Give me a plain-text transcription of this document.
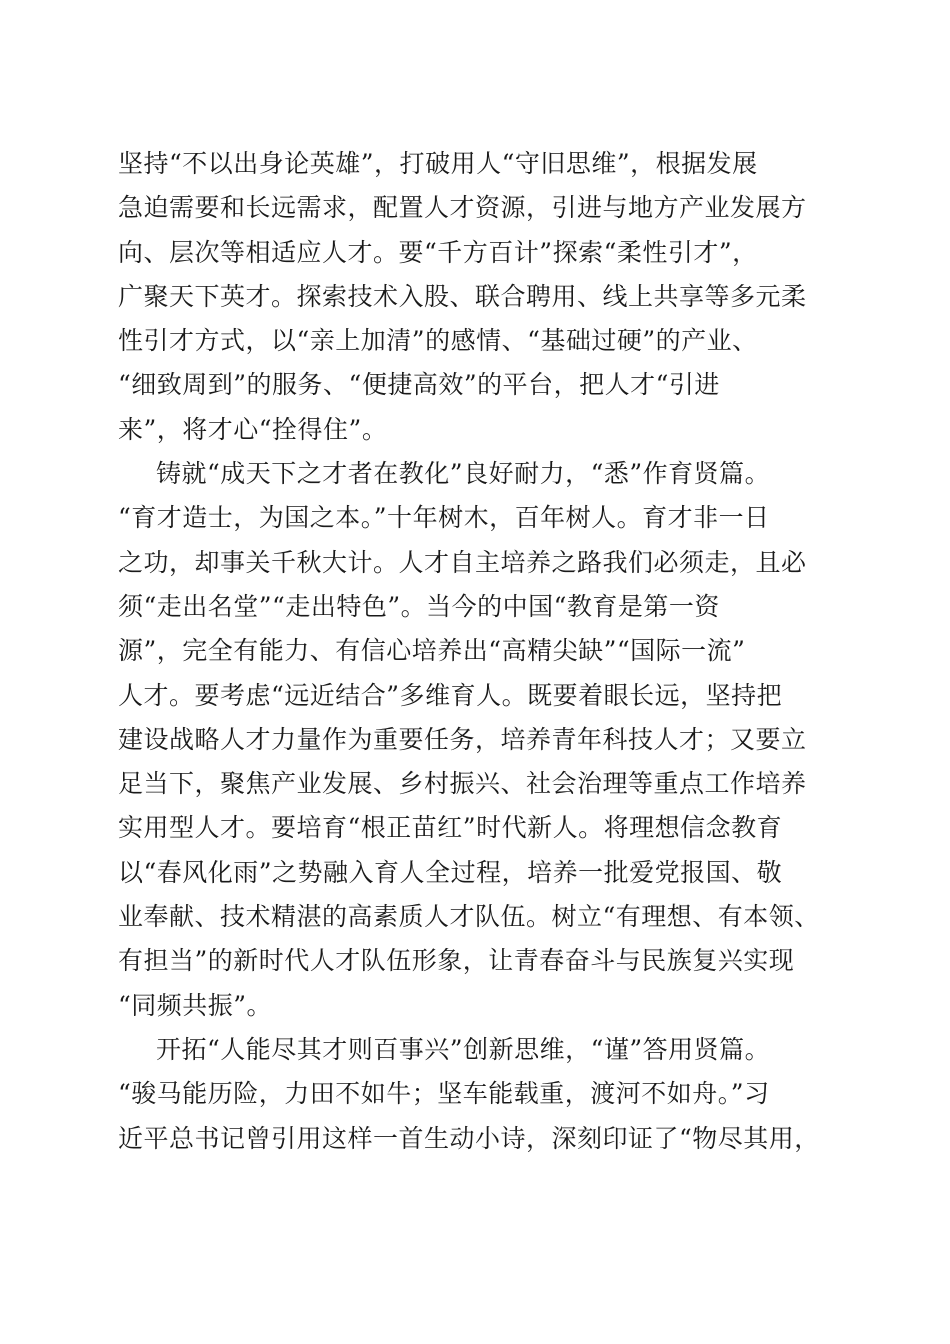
坚持“不以出身论英雄”，打破用人“守旧思维”，根据发展
急迫需要和长远需求，配置人才资源，引进与地方产业发展方
向、层次等相适应人才。要“千方百计”探索“柔性引才”，
广聚天下英才。探索技术入股、联合聘用、线上共享等多元柔
性引才方式，以“亲上加清”的感情、“基础过硬”的产业、
“细致周到”的服务、“便捷高效”的平台，把人才“引进
来”，将才心“拴得住”。
铸就“成天下之才者在教化”良好耐力，“悉”作育贤篇。
“育才造士，为国之本。”十年树木，百年树人。育才非一日
之功，却事关千秋大计。人才自主培养之路我们必须走，且必
须“走出名堂”“走出特色”。当今的中国“教育是第一资
源”，完全有能力、有信心培养出“高精尖缺”“国际一流”
人才。要考虑“远近结合”多维育人。既要着眼长远，坚持把
建设战略人才力量作为重要任务，培养青年科技人才；又要立
足当下，聚焦产业发展、乡村振兴、社会治理等重点工作培养
实用型人才。要培育“根正苗红”时代新人。将理想信念教育
以“春风化雨”之势融入育人全过程，培养一批爱党报国、敬
业奉献、技术精湛的高素质人才队伍。树立“有理想、有本领、
有担当”的新时代人才队伍形象，让青春奋斗与民族复兴实现
“同频共振”。
开拓“人能尽其才则百事兴”创新思维，“谨”答用贤篇。
“骏马能历险，力田不如牛；坚车能载重，渡河不如舟。”习
近平总书记曾引用这样一首生动小诗，深刻印证了“物尽其用，
